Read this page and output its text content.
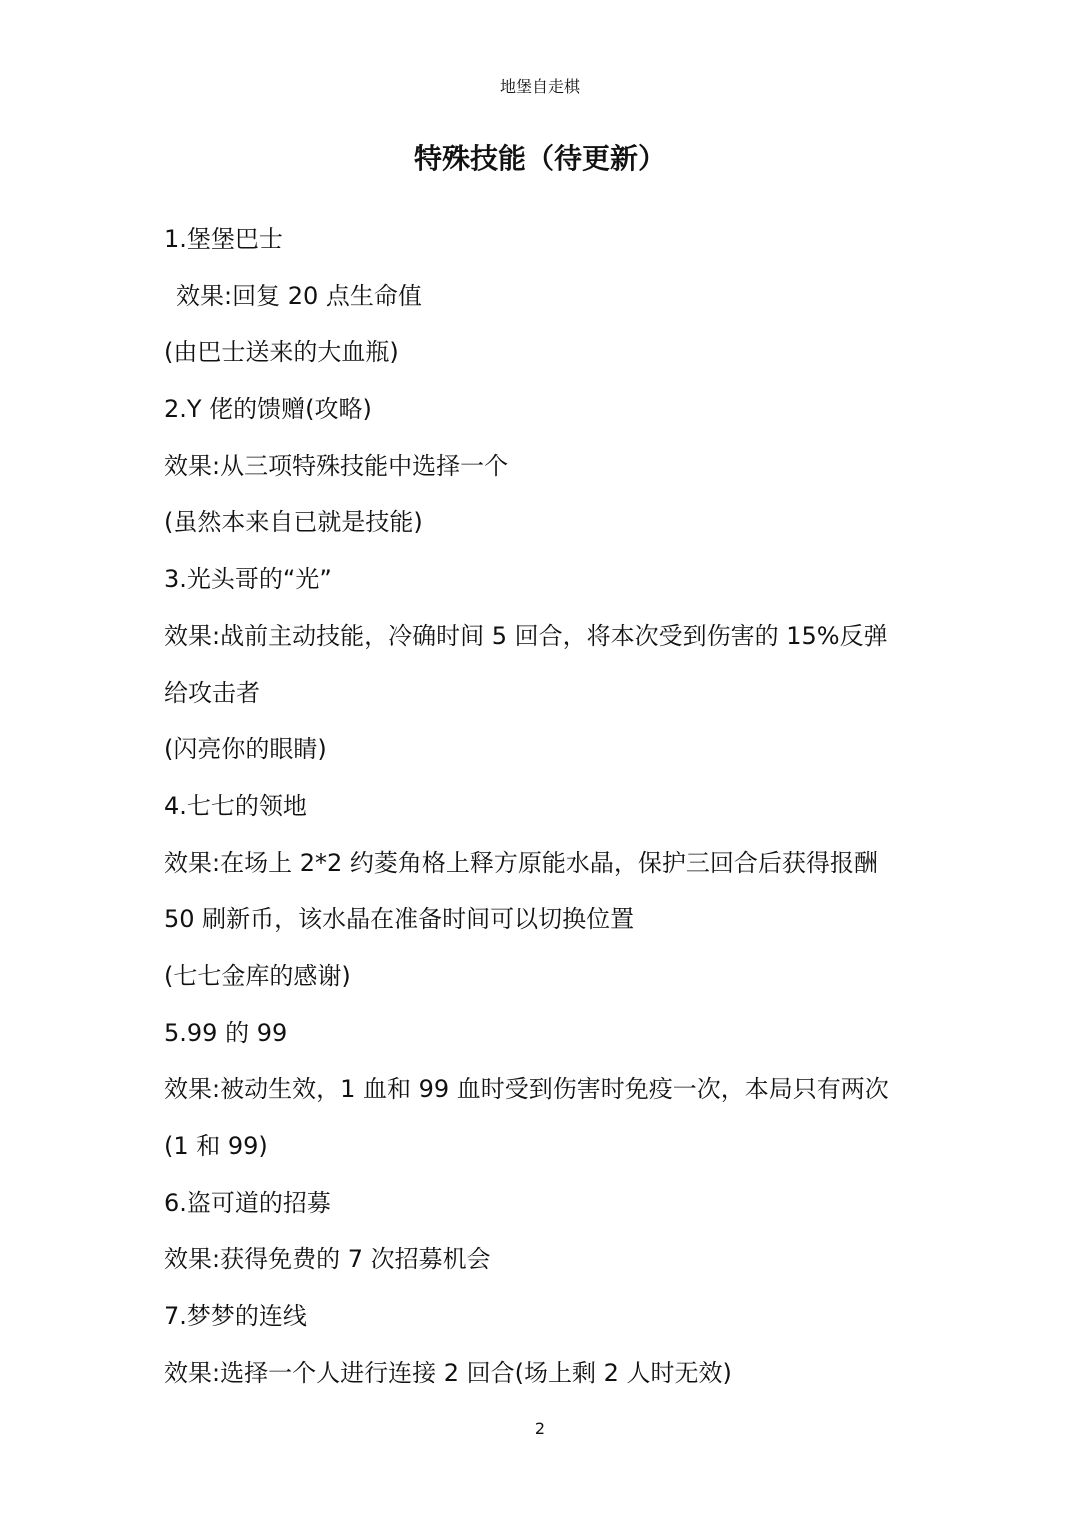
地堡自走棋
特殊技能（待更新）
1.堡堡巴士
效果:回复 20 点生命值
(由巴士送来的大血瓶)
2.Y 佬的馈赠(攻略)
效果:从三项特殊技能中选择一个
(虽然本来自已就是技能)
3.光头哥的“光”
效果:战前主动技能，冷确时间 5 回合，将本次受到伤害的 15%反弹
给攻击者
(闪亮你的眼睛)
4.七七的领地
效果:在场上 2*2 约菱角格上释方原能水晶，保护三回合后获得报酬
50 刷新币，该水晶在准备时间可以切换位置
(七七金库的感谢)
5.99 的 99
效果:被动生效，1 血和 99 血时受到伤害时免疫一次，本局只有两次
(1 和 99)
6.盗可道的招募
效果:获得免费的 7 次招募机会
7.梦梦的连线
效果:选择一个人进行连接 2 回合(场上剩 2 人时无效)
2
